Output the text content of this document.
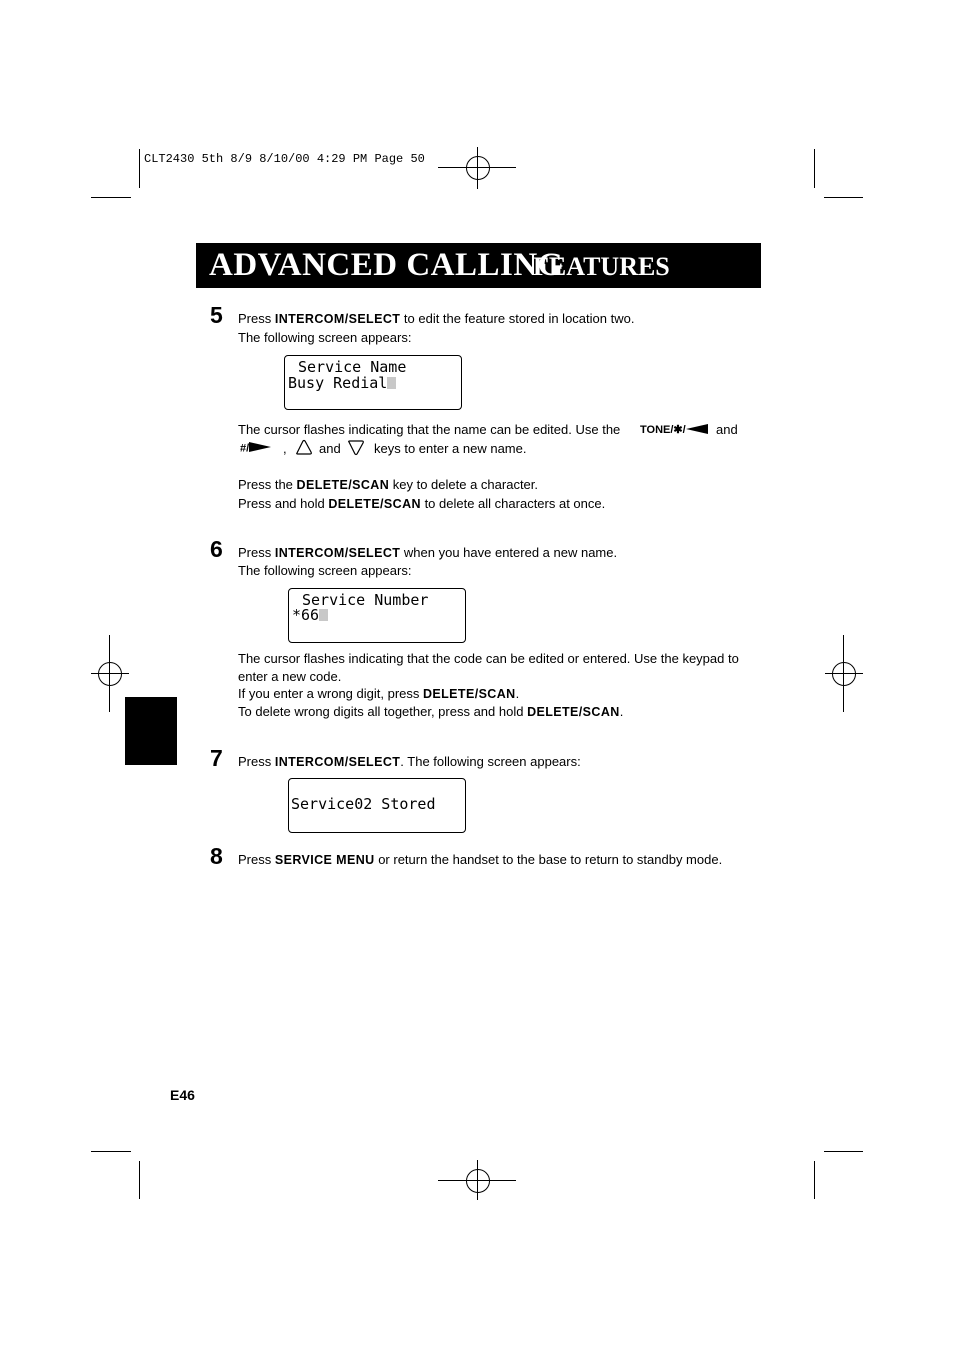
CLT2430 5th 8/9 8/10/00 4:29 PM Page 50
ADVANCED CALLING
FEATURES
5 Press INTERCOM/SELECT to edit the feature stored in location two.
The following screen appears:
Service Name
Busy Redial
The cursor flashes indicating that the name can be edited. Use the TONE/✱/	and
#/	, and	keys to enter a new name.
Press the DELETE/SCAN key to delete a character.
Press and hold DELETE/SCAN to delete all characters at once.
6 Press INTERCOM/SELECT when you have entered a new name.
The following screen appears:
Service Number
*66
The cursor flashes indicating that the code can be edited or entered. Use the keypad to
enter a new code.
If you enter a wrong digit, press DELETE/SCAN.
To delete wrong digits all together, press and hold DELETE/SCAN.
7 Press INTERCOM/SELECT. The following screen appears:
Service02 Stored
8 Press SERVICE MENU or return the handset to the base to return to standby mode.
E46
